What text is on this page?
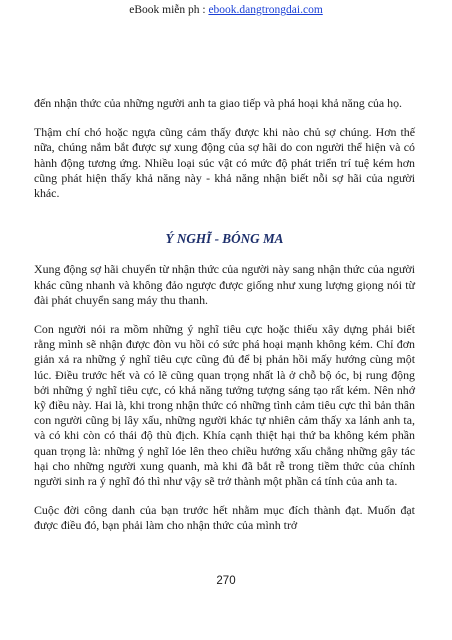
eBook miễn ph : ebook.dangtrongdai.com

đến nhận thức của những người anh ta giao tiếp và phá hoại khả năng của họ.

Thậm chí chó hoặc ngựa cũng cảm thấy được khi nào chủ sợ chúng. Hơn thế nữa, chúng nắm bắt được sự xung động của sợ hãi do con người thể hiện và có hành động tương ứng. Nhiều loại súc vật có mức độ phát triển trí tuệ kém hơn cũng phát hiện thấy khả năng này - khả năng nhận biết nỗi sợ hãi của người khác.

Ý NGHĨ - BÓNG MA

Xung động sợ hãi chuyển từ nhận thức của người này sang nhận thức của người khác cũng nhanh và không đảo ngược được giống như xung lượng giọng nói từ đài phát chuyển sang máy thu thanh.

Con người nói ra mồm những ý nghĩ tiêu cực hoặc thiếu xây dựng phải biết rằng mình sẽ nhận được đòn vu hồi có sức phá hoại mạnh không kém. Chỉ đơn giản xả ra những ý nghĩ tiêu cực cũng đủ để bị phản hồi mấy hướng cùng một lúc. Điều trước hết và có lẽ cũng quan trọng nhất là ở chỗ bộ óc, bị rung động bởi những ý nghĩ tiêu cực, có khả năng tưởng tượng sáng tạo rất kém. Nên nhớ kỹ điều này. Hai là, khi trong nhận thức có những tình cảm tiêu cực thì bản thân con người cũng bị lây xấu, những người khác tự nhiên cảm thấy xa lánh anh ta, và có khi còn có thái độ thù địch. Khía cạnh thiệt hại thứ ba không kém phần quan trọng là: những ý nghĩ lóe lên theo chiều hướng xấu chẳng những gây tác hại cho những người xung quanh, mà khi đã bắt rễ trong tiềm thức của chính người sinh ra ý nghĩ đó thì như vậy sẽ trở thành một phần cá tính của anh ta.

Cuộc đời công danh của bạn trước hết nhằm mục đích thành đạt. Muốn đạt được điều đó, bạn phải làm cho nhận thức của mình trở

270
